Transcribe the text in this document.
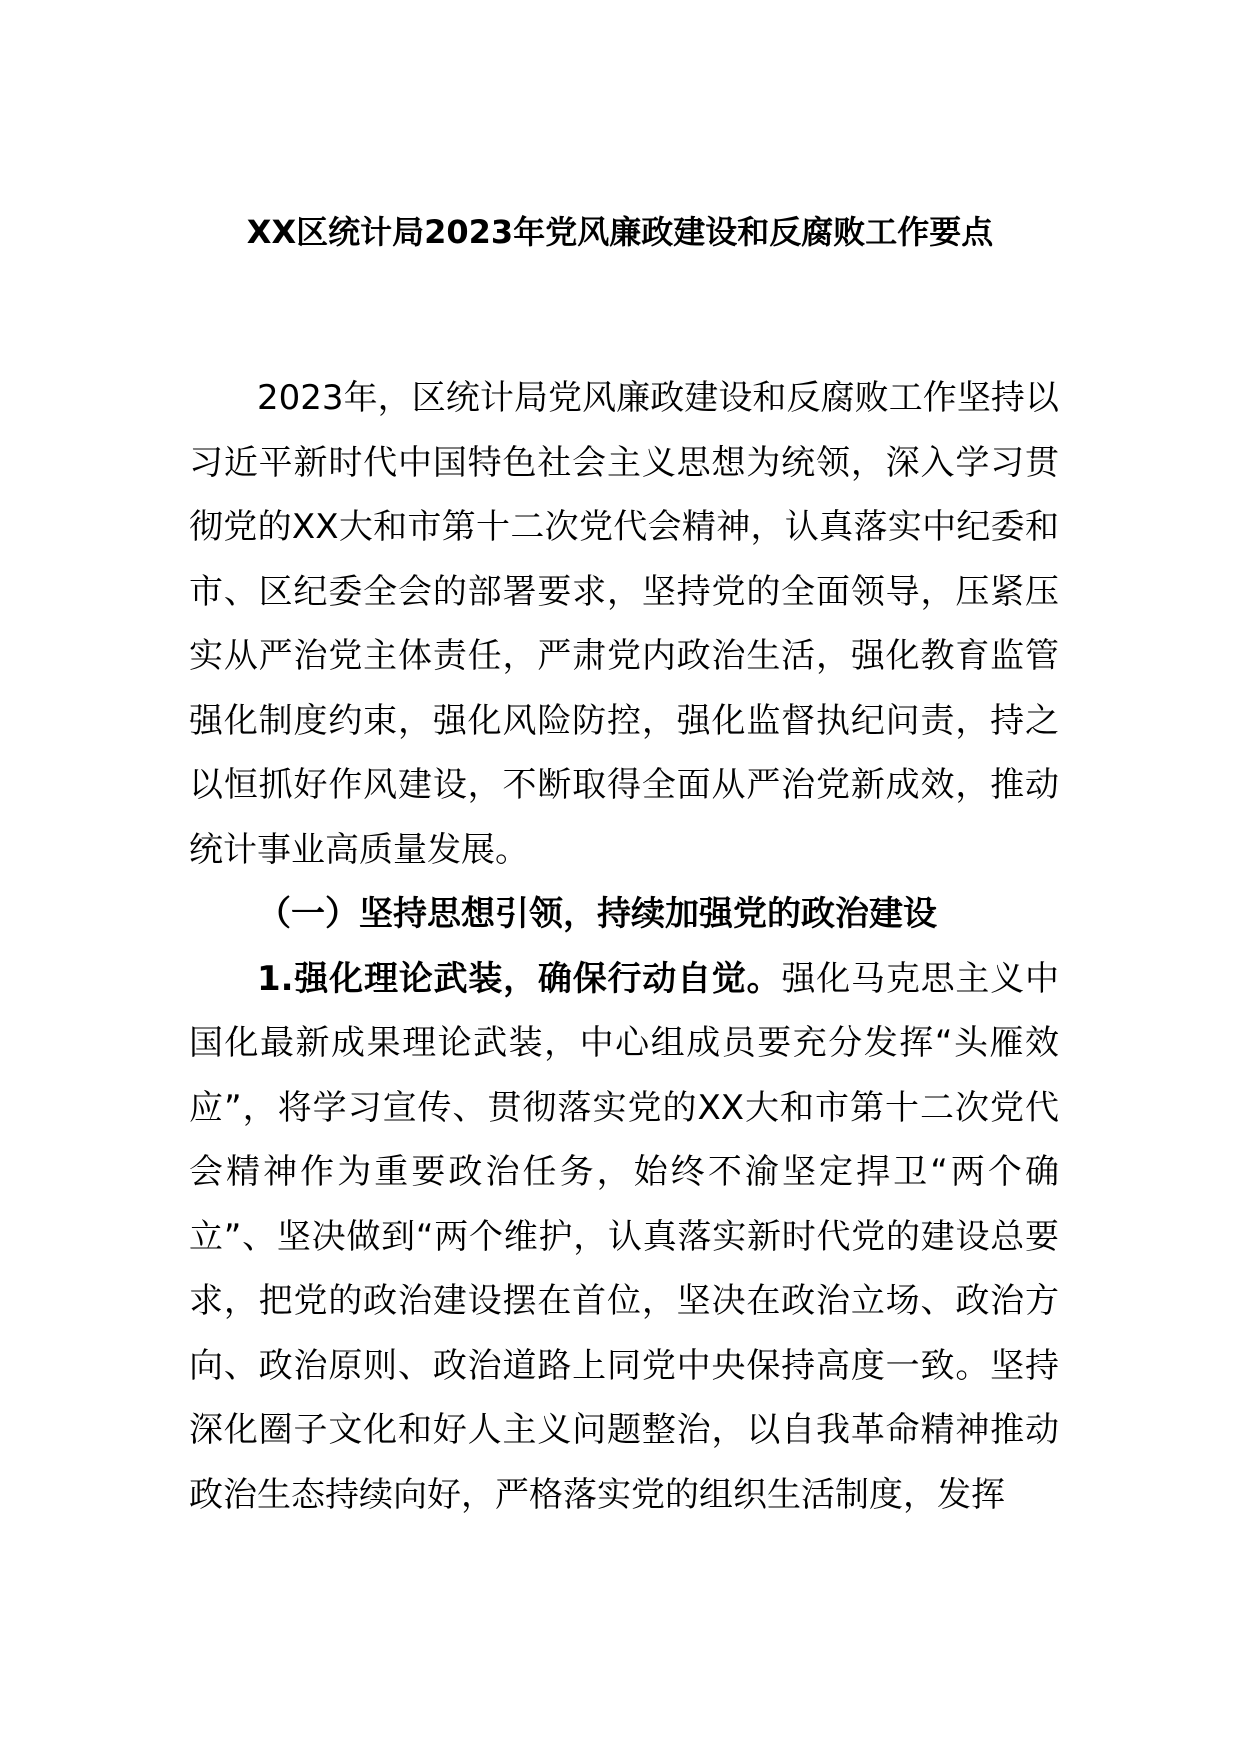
XX区统计局2023年党风廉政建设和反腐败工作要点

2023年，区统计局党风廉政建设和反腐败工作坚持以习近平新时代中国特色社会主义思想为统领，深入学习贯彻党的XX大和市第十二次党代会精神，认真落实中纪委和市、区纪委全会的部署要求，坚持党的全面领导，压紧压实从严治党主体责任，严肃党内政治生活，强化教育监管强化制度约束，强化风险防控，强化监督执纪问责，持之以恒抓好作风建设，不断取得全面从严治党新成效，推动统计事业高质量发展。

（一）坚持思想引领，持续加强党的政治建设

1.强化理论武装，确保行动自觉。强化马克思主义中国化最新成果理论武装，中心组成员要充分发挥“头雁效应”，将学习宣传、贯彻落实党的XX大和市第十二次党代会精神作为重要政治任务，始终不渝坚定捍卫“两个确立”、坚决做到“两个维护，认真落实新时代党的建设总要求，把党的政治建设摆在首位，坚决在政治立场、政治方向、政治原则、政治道路上同党中央保持高度一致。坚持深化圈子文化和好人主义问题整治，以自我革命精神推动政治生态持续向好，严格落实党的组织生活制度，发挥
